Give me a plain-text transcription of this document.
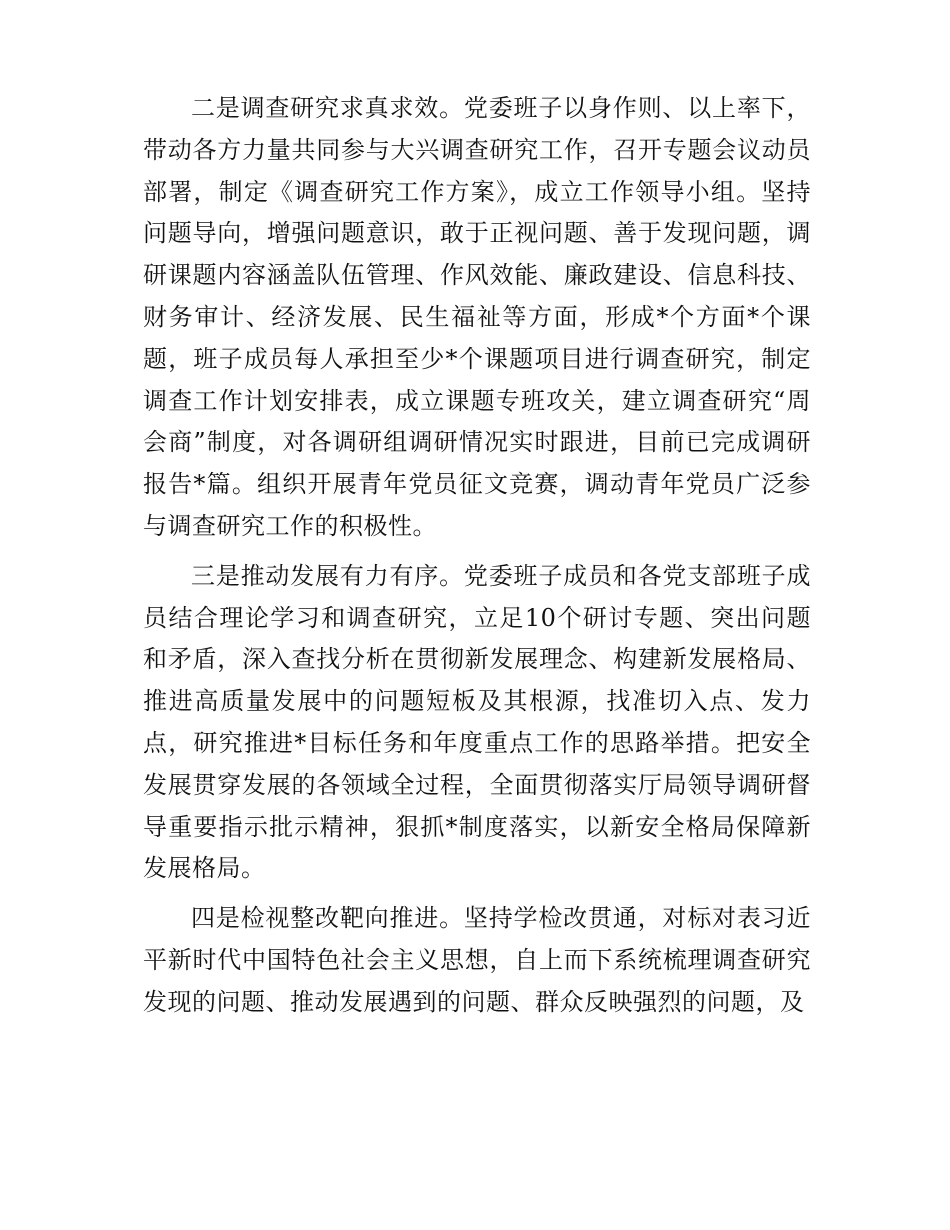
二是调查研究求真求效。党委班子以身作则、以上率下，带动各方力量共同参与大兴调查研究工作，召开专题会议动员部署，制定《调查研究工作方案》，成立工作领导小组。坚持问题导向，增强问题意识，敢于正视问题、善于发现问题，调研课题内容涵盖队伍管理、作风效能、廉政建设、信息科技、财务审计、经济发展、民生福祉等方面，形成*个方面*个课题，班子成员每人承担至少*个课题项目进行调查研究，制定调查工作计划安排表，成立课题专班攻关，建立调查研究“周会商”制度，对各调研组调研情况实时跟进，目前已完成调研报告*篇。组织开展青年党员征文竞赛，调动青年党员广泛参与调查研究工作的积极性。

三是推动发展有力有序。党委班子成员和各党支部班子成员结合理论学习和调查研究，立足10个研讨专题、突出问题和矛盾，深入查找分析在贯彻新发展理念、构建新发展格局、推进高质量发展中的问题短板及其根源，找准切入点、发力点，研究推进*目标任务和年度重点工作的思路举措。把安全发展贯穿发展的各领域全过程，全面贯彻落实厅局领导调研督导重要指示批示精神，狠抓*制度落实，以新安全格局保障新发展格局。

四是检视整改靶向推进。坚持学检改贯通，对标对表习近平新时代中国特色社会主义思想，自上而下系统梳理调查研究发现的问题、推动发展遇到的问题、群众反映强烈的问题，及
